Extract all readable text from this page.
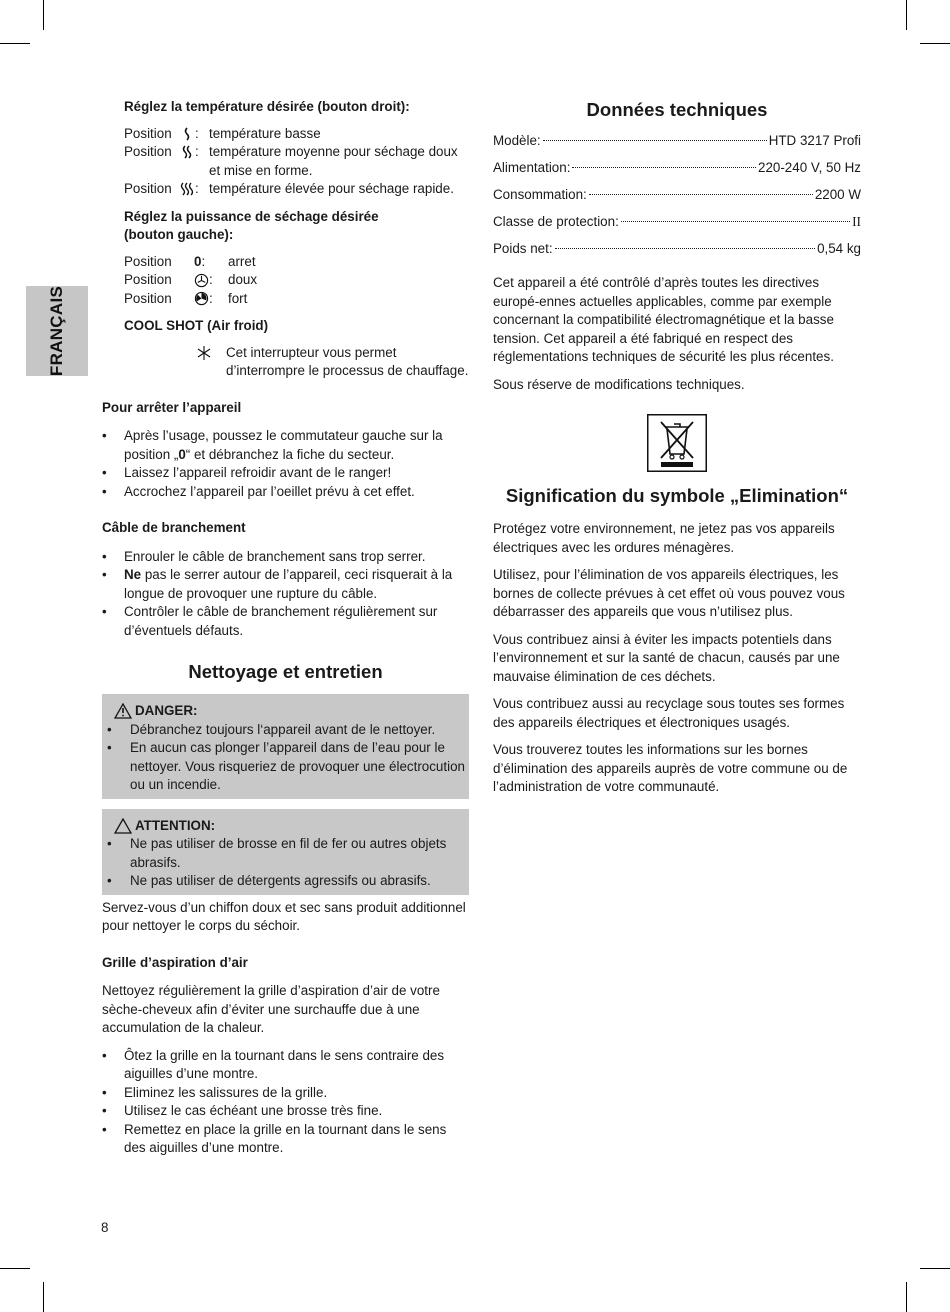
FRANÇAIS
Réglez la température désirée (bouton droit):
Position	: température basse
Position	: température moyenne pour séchage doux et mise en forme.
Position	: température élevée pour séchage rapide.
Réglez la puissance de séchage désirée
(bouton gauche):
Position	0:	arret
Position	:	doux
Position	:	fort
COOL SHOT (Air froid)
Cet interrupteur vous permet d’interrompre le processus de chauffage.
Pour arrêter l’appareil
• Après l’usage, poussez le commutateur gauche sur la position „0“ et débranchez la fiche du secteur.
• Laissez l’appareil refroidir avant de le ranger!
• Accrochez l’appareil par l’oeillet prévu à cet effet.
Câble de branchement
• Enrouler le câble de branchement sans trop serrer.
• Ne pas le serrer autour de l’appareil, ceci risquerait à la longue de provoquer une rupture du câble.
• Contrôler le câble de branchement régulièrement sur d’éventuels défauts.
Nettoyage et entretien
DANGER:
• Débranchez toujours l‘appareil avant de le nettoyer.
• En aucun cas plonger l’appareil dans de l’eau pour le nettoyer. Vous risqueriez de provoquer une électrocution ou un incendie.
ATTENTION:
• Ne pas utiliser de brosse en fil de fer ou autres objets abrasifs.
• Ne pas utiliser de détergents agressifs ou abrasifs.

Servez-vous d’un chiffon doux et sec sans produit additionnel pour nettoyer le corps du séchoir.

Grille d’aspiration d’air

Nettoyez régulièrement la grille d’aspiration d’air de votre sèche-cheveux afin d’éviter une surchauffe due à une accumulation de la chaleur.

• Ôtez la grille en la tournant dans le sens contraire des aiguilles d’une montre.
• Eliminez les salissures de la grille.
• Utilisez le cas échéant une brosse très fine.
• Remettez en place la grille en la tournant dans le sens des aiguilles d’une montre.
Données techniques
Modèle:	HTD 3217 Profi
Alimentation:	220-240 V, 50 Hz
Consommation:	2200 W
Classe de protection:	II
Poids net:	0,54 kg

Cet appareil a été contrôlé d’après toutes les directives europé-ennes actuelles applicables, comme par exemple concernant la compatibilité électromagnétique et la basse tension. Cet appareil a été fabriqué en respect des réglementations techniques de sécurité les plus récentes.

Sous réserve de modifications techniques.

Signification du symbole „Elimination“

Protégez votre environnement, ne jetez pas vos appareils électriques avec les ordures ménagères.

Utilisez, pour l’élimination de vos appareils électriques, les bornes de collecte prévues à cet effet où vous pouvez vous débarrasser des appareils que vous n’utilisez plus.

Vous contribuez ainsi à éviter les impacts potentiels dans l’environnement et sur la santé de chacun, causés par une mauvaise élimination de ces déchets.

Vous contribuez aussi au recyclage sous toutes ses formes des appareils électriques et électroniques usagés.

Vous trouverez toutes les informations sur les bornes d’élimination des appareils auprès de votre commune ou de l’administration de votre communauté.

8
